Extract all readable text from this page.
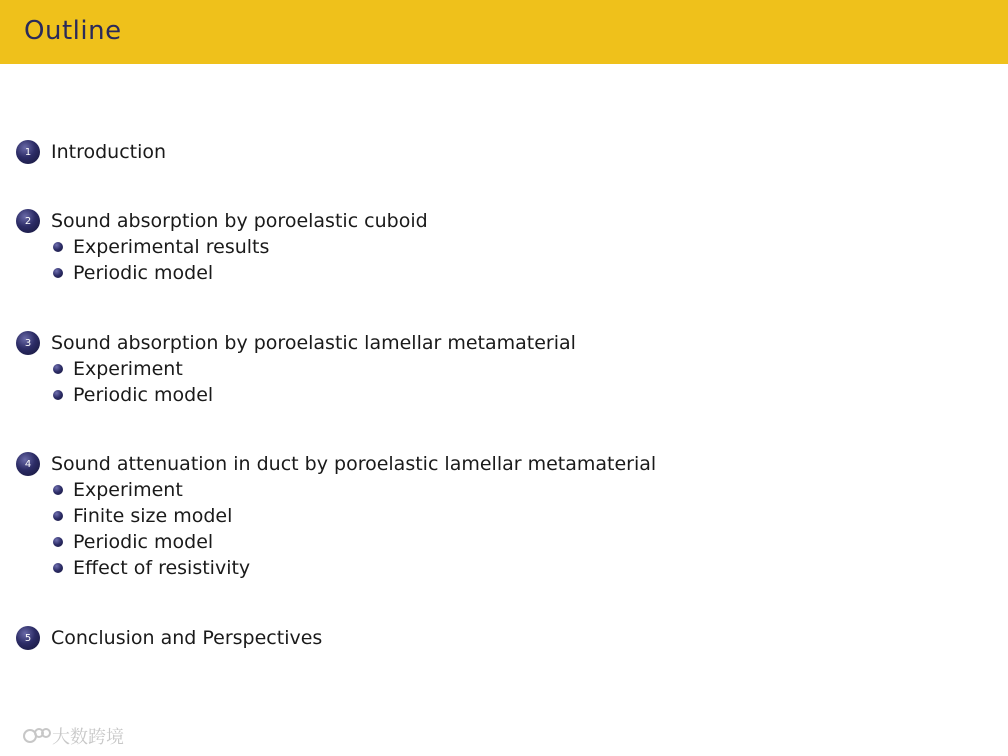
Outline
1	Introduction
2	Sound absorption by poroelastic cuboid
Experimental results
Periodic model
3	Sound absorption by poroelastic lamellar metamaterial
Experiment
Periodic model
4	Sound attenuation in duct by poroelastic lamellar metamaterial
Experiment
Finite size model
Periodic model
Effect of resistivity
5	Conclusion and Perspectives
大数跨境
